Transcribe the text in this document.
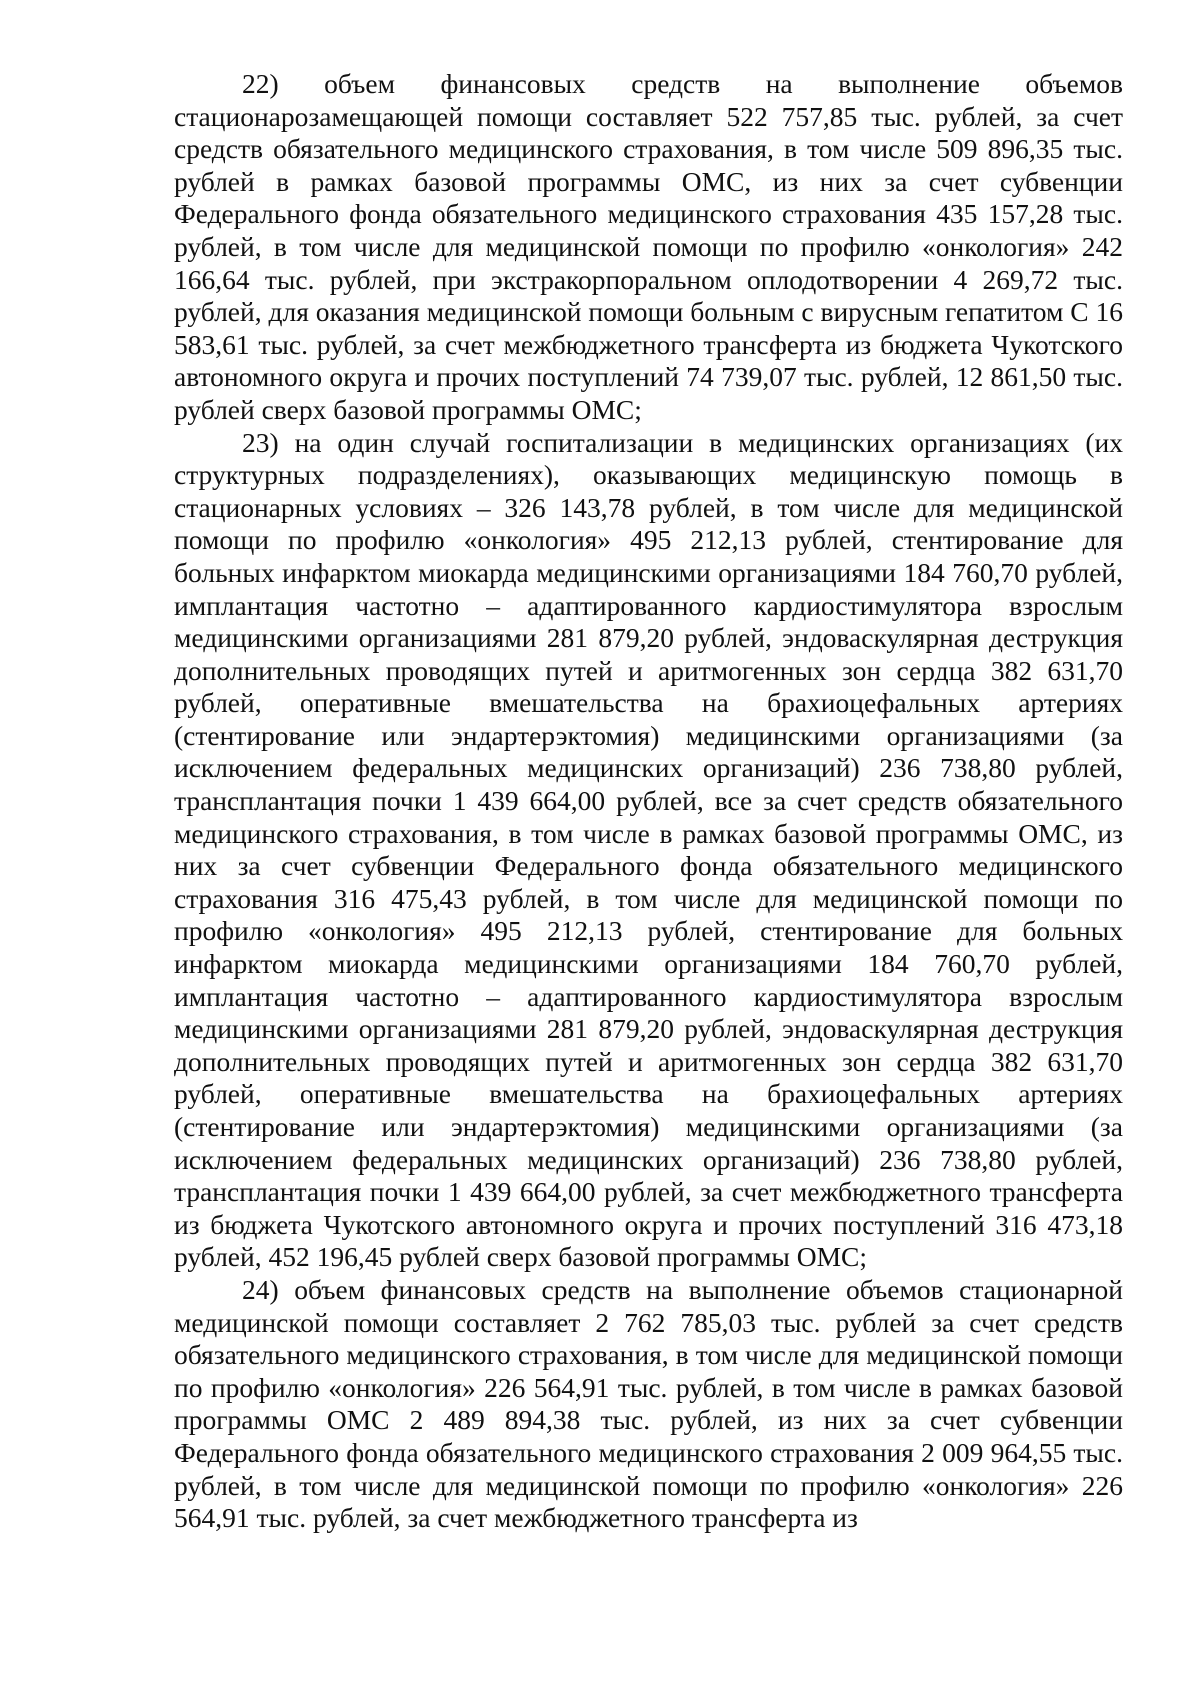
22) объем финансовых средств на выполнение объемов стационарозамещающей помощи составляет 522 757,85 тыс. рублей, за счет средств обязательного медицинского страхования, в том числе 509 896,35 тыс. рублей в рамках базовой программы ОМС, из них за счет субвенции Федерального фонда обязательного медицинского страхования 435 157,28 тыс. рублей, в том числе для медицинской помощи по профилю «онкология» 242 166,64 тыс. рублей, при экстракорпоральном оплодотворении 4 269,72 тыс. рублей, для оказания медицинской помощи больным с вирусным гепатитом С 16 583,61 тыс. рублей, за счет межбюджетного трансферта из бюджета Чукотского автономного округа и прочих поступлений 74 739,07 тыс. рублей, 12 861,50 тыс. рублей сверх базовой программы ОМС;

23) на один случай госпитализации в медицинских организациях (их структурных подразделениях), оказывающих медицинскую помощь в стационарных условиях – 326 143,78 рублей, в том числе для медицинской помощи по профилю «онкология» 495 212,13 рублей, стентирование для больных инфарктом миокарда медицинскими организациями 184 760,70 рублей, имплантация частотно – адаптированного кардиостимулятора взрослым медицинскими организациями 281 879,20 рублей, эндоваскулярная деструкция дополнительных проводящих путей и аритмогенных зон сердца 382 631,70 рублей, оперативные вмешательства на брахиоцефальных артериях (стентирование или эндартерэктомия) медицинскими организациями (за исключением федеральных медицинских организаций) 236 738,80 рублей, трансплантация почки 1 439 664,00 рублей, все за счет средств обязательного медицинского страхования, в том числе в рамках базовой программы ОМС, из них за счет субвенции Федерального фонда обязательного медицинского страхования 316 475,43 рублей, в том числе для медицинской помощи по профилю «онкология» 495 212,13 рублей, стентирование для больных инфарктом миокарда медицинскими организациями 184 760,70 рублей, имплантация частотно – адаптированного кардиостимулятора взрослым медицинскими организациями 281 879,20 рублей, эндоваскулярная деструкция дополнительных проводящих путей и аритмогенных зон сердца 382 631,70 рублей, оперативные вмешательства на брахиоцефальных артериях (стентирование или эндартерэктомия) медицинскими организациями (за исключением федеральных медицинских организаций) 236 738,80 рублей, трансплантация почки 1 439 664,00 рублей, за счет межбюджетного трансферта из бюджета Чукотского автономного округа и прочих поступлений 316 473,18 рублей, 452 196,45 рублей сверх базовой программы ОМС;

24) объем финансовых средств на выполнение объемов стационарной медицинской помощи составляет 2 762 785,03 тыс. рублей за счет средств обязательного медицинского страхования, в том числе для медицинской помощи по профилю «онкология» 226 564,91 тыс. рублей, в том числе в рамках базовой программы ОМС 2 489 894,38 тыс. рублей, из них за счет субвенции Федерального фонда обязательного медицинского страхования 2 009 964,55 тыс. рублей, в том числе для медицинской помощи по профилю «онкология» 226 564,91 тыс. рублей, за счет межбюджетного трансферта из
